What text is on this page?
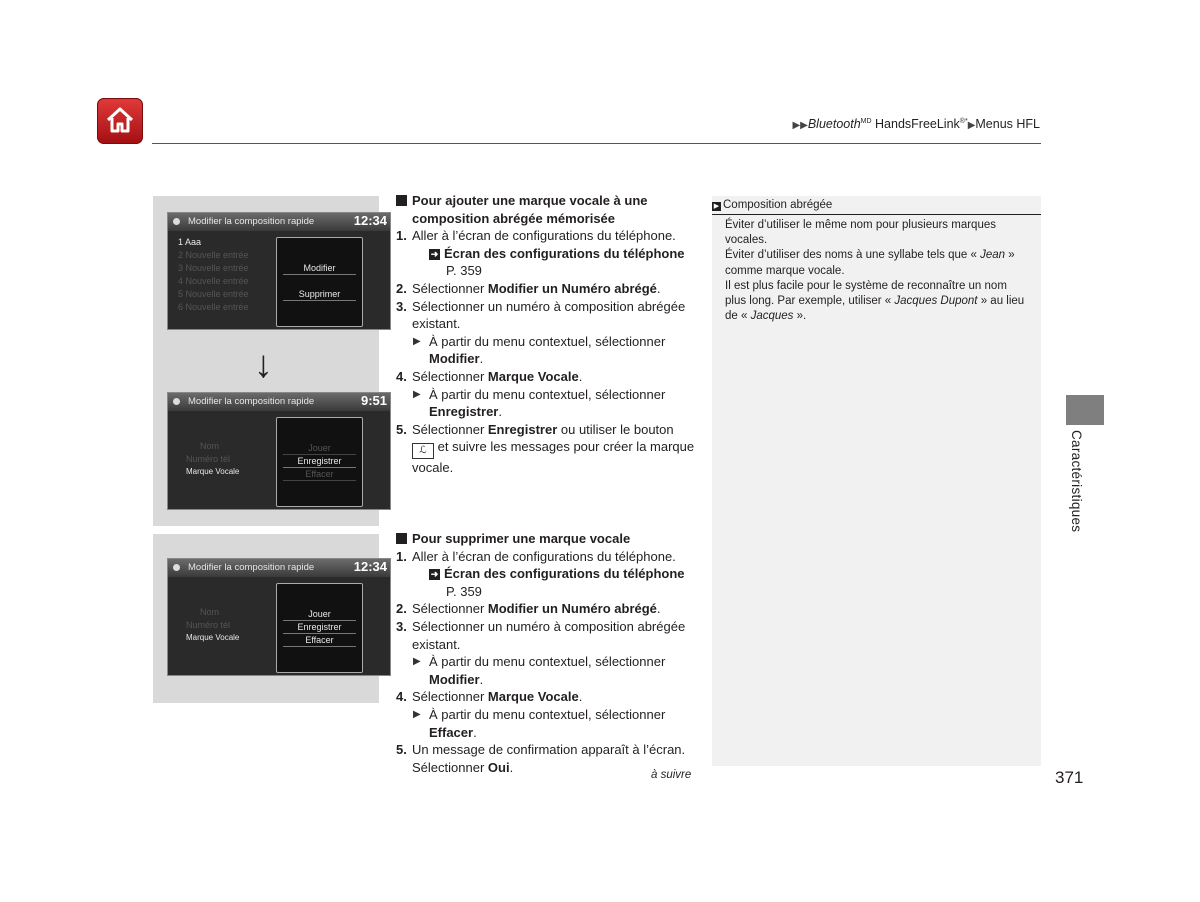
▶▶Bluetooth$^{MD}$ HandsFreeLink®*▶Menus HFL
Modifier la composition rapide	12:34
1 Aaa
2 Nouvelle entrée
3 Nouvelle entrée
4 Nouvelle entrée
5 Nouvelle entrée
6 Nouvelle entrée
Modifier
Supprimer
↓
Modifier la composition rapide	9:51
Nom
Numéro tél
Marque Vocale
Jouer
Enregistrer
Effacer
Modifier la composition rapide	12:34
Nom
Numéro tél
Marque Vocale
Jouer
Enregistrer
Effacer
Pour ajouter une marque vocale à une composition abrégée mémorisée
1. Aller à l’écran de configurations du téléphone.
➜ Écran des configurations du téléphone
P. 359
2. Sélectionner Modifier un Numéro abrégé.
3. Sélectionner un numéro à composition abrégée existant.
▶ À partir du menu contextuel, sélectionner Modifier.
4. Sélectionner Marque Vocale.
▶ À partir du menu contextuel, sélectionner Enregistrer.
5. Sélectionner Enregistrer ou utiliser le bouton
ℒ et suivre les messages pour créer la marque vocale.
Pour supprimer une marque vocale
1. Aller à l’écran de configurations du téléphone.
➜ Écran des configurations du téléphone
P. 359
2. Sélectionner Modifier un Numéro abrégé.
3. Sélectionner un numéro à composition abrégée existant.
▶ À partir du menu contextuel, sélectionner Modifier.
4. Sélectionner Marque Vocale.
▶ À partir du menu contextuel, sélectionner Effacer.
5. Un message de confirmation apparaît à l’écran. Sélectionner Oui.
▶ Composition abrégée
Éviter d’utiliser le même nom pour plusieurs marques vocales.
Éviter d’utiliser des noms à une syllabe tels que « Jean » comme marque vocale.
Il est plus facile pour le système de reconnaître un nom plus long. Par exemple, utiliser « Jacques Dupont » au lieu de « Jacques ».
Caractéristiques
à suivre	371
